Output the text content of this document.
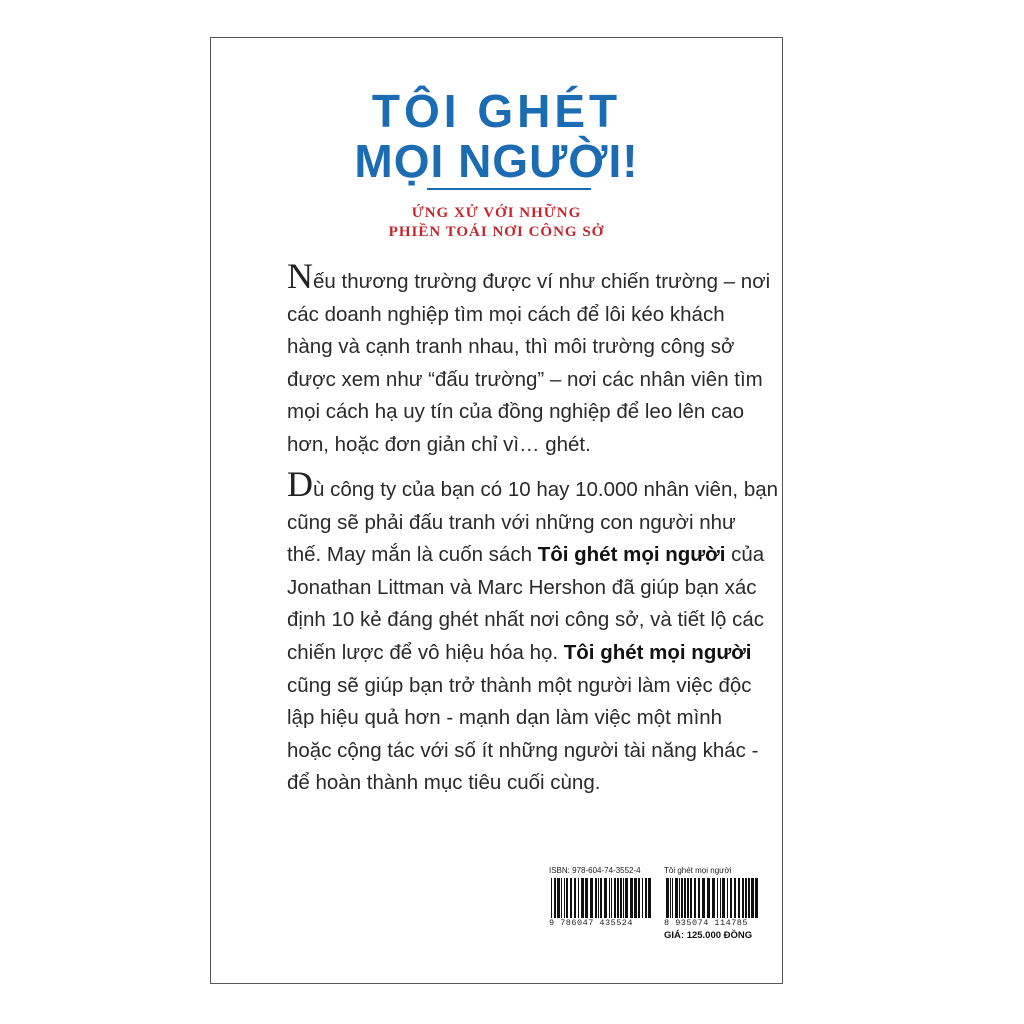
TÔI GHÉT
MỌI NGƯỜI!
ỨNG XỬ VỚI NHỮNG
PHIỀN TOÁI NƠI CÔNG SỞ
Nếu thương trường được ví như chiến trường – nơi
các doanh nghiệp tìm mọi cách để lôi kéo khách
hàng và cạnh tranh nhau, thì môi trường công sở
được xem như “đấu trường” – nơi các nhân viên tìm
mọi cách hạ uy tín của đồng nghiệp để leo lên cao
hơn, hoặc đơn giản chỉ vì… ghét.
Dù công ty của bạn có 10 hay 10.000 nhân viên, bạn
cũng sẽ phải đấu tranh với những con người như
thế. May mắn là cuốn sách Tôi ghét mọi người của
Jonathan Littman và Marc Hershon đã giúp bạn xác
định 10 kẻ đáng ghét nhất nơi công sở, và tiết lộ các
chiến lược để vô hiệu hóa họ. Tôi ghét mọi người
cũng sẽ giúp bạn trở thành một người làm việc độc
lập hiệu quả hơn - mạnh dạn làm việc một mình
hoặc cộng tác với số ít những người tài năng khác -
để hoàn thành mục tiêu cuối cùng.
ISBN: 978-604-74-3552-4
9 786047 435524
Tôi ghét mọi người
8 935074 114785
GIÁ: 125.000 ĐỒNG
